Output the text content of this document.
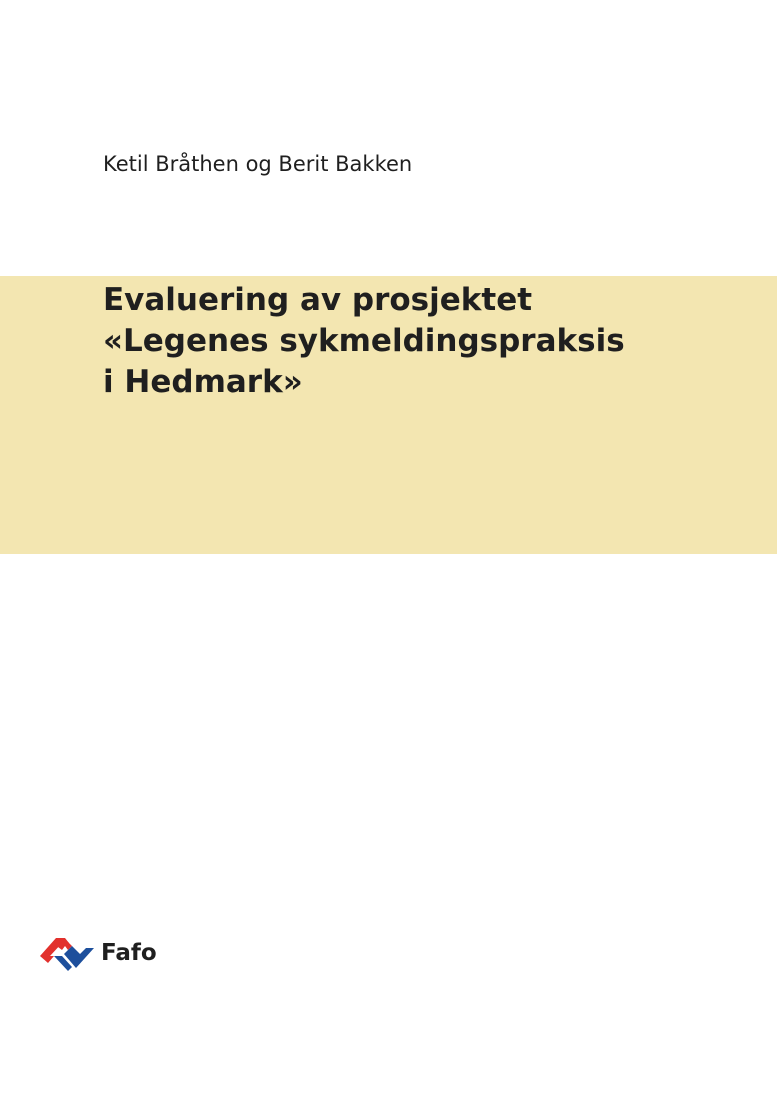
Ketil Bråthen og Berit Bakken
Evaluering av prosjektet
«Legenes sykmeldingspraksis
i Hedmark»
Fafo
